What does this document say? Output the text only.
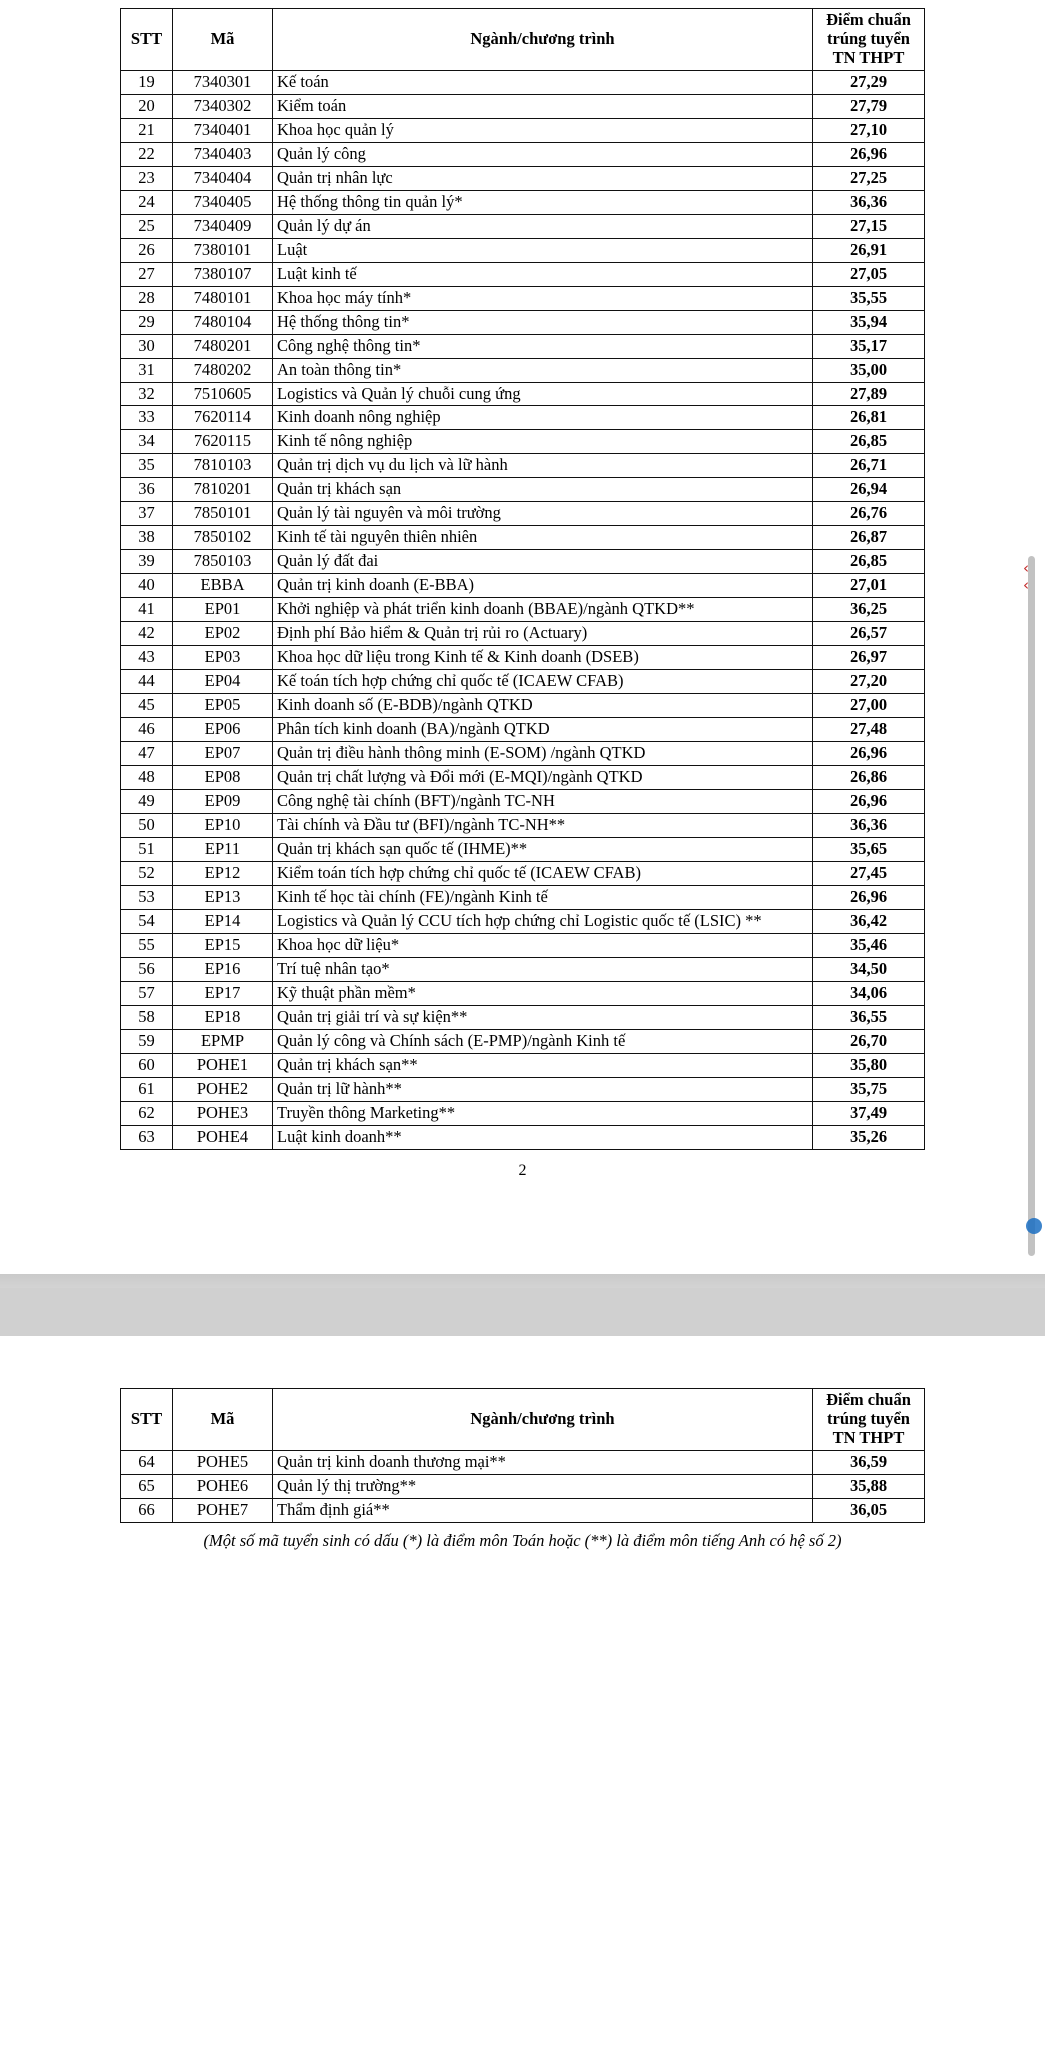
STT	Mã	Ngành/chương trình	Điểm chuẩn trúng tuyển TN THPT
19	7340301	Kế toán	27,29
20	7340302	Kiểm toán	27,79
21	7340401	Khoa học quản lý	27,10
22	7340403	Quản lý công	26,96
23	7340404	Quản trị nhân lực	27,25
24	7340405	Hệ thống thông tin quản lý*	36,36
25	7340409	Quản lý dự án	27,15
26	7380101	Luật	26,91
27	7380107	Luật kinh tế	27,05
28	7480101	Khoa học máy tính*	35,55
29	7480104	Hệ thống thông tin*	35,94
30	7480201	Công nghệ thông tin*	35,17
31	7480202	An toàn thông tin*	35,00
32	7510605	Logistics và Quản lý chuỗi cung ứng	27,89
33	7620114	Kinh doanh nông nghiệp	26,81
34	7620115	Kinh tế nông nghiệp	26,85
35	7810103	Quản trị dịch vụ du lịch và lữ hành	26,71
36	7810201	Quản trị khách sạn	26,94
37	7850101	Quản lý tài nguyên và môi trường	26,76
38	7850102	Kinh tế tài nguyên thiên nhiên	26,87
39	7850103	Quản lý đất đai	26,85
40	EBBA	Quản trị kinh doanh (E-BBA)	27,01
41	EP01	Khởi nghiệp và phát triển kinh doanh (BBAE)/ngành QTKD**	36,25
42	EP02	Định phí Bảo hiểm & Quản trị rủi ro (Actuary)	26,57
43	EP03	Khoa học dữ liệu trong Kinh tế & Kinh doanh (DSEB)	26,97
44	EP04	Kế toán tích hợp chứng chỉ quốc tế (ICAEW CFAB)	27,20
45	EP05	Kinh doanh số (E-BDB)/ngành QTKD	27,00
46	EP06	Phân tích kinh doanh (BA)/ngành QTKD	27,48
47	EP07	Quản trị điều hành thông minh (E-SOM) /ngành QTKD	26,96
48	EP08	Quản trị chất lượng và Đổi mới (E-MQI)/ngành QTKD	26,86
49	EP09	Công nghệ tài chính (BFT)/ngành TC-NH	26,96
50	EP10	Tài chính và Đầu tư (BFI)/ngành TC-NH**	36,36
51	EP11	Quản trị khách sạn quốc tế (IHME)**	35,65
52	EP12	Kiểm toán tích hợp chứng chỉ quốc tế (ICAEW CFAB)	27,45
53	EP13	Kinh tế học tài chính (FE)/ngành Kinh tế	26,96
54	EP14	Logistics và Quản lý CCU tích hợp chứng chỉ Logistic quốc tế (LSIC) **	36,42
55	EP15	Khoa học dữ liệu*	35,46
56	EP16	Trí tuệ nhân tạo*	34,50
57	EP17	Kỹ thuật phần mềm*	34,06
58	EP18	Quản trị giải trí và sự kiện**	36,55
59	EPMP	Quản lý công và Chính sách (E-PMP)/ngành Kinh tế	26,70
60	POHE1	Quản trị khách sạn**	35,80
61	POHE2	Quản trị lữ hành**	35,75
62	POHE3	Truyền thông Marketing**	37,49
63	POHE4	Luật kinh doanh**	35,26
2
‹
‹
STT	Mã	Ngành/chương trình	Điểm chuẩn trúng tuyển TN THPT
64	POHE5	Quản trị kinh doanh thương mại**	36,59
65	POHE6	Quản lý thị trường**	35,88
66	POHE7	Thẩm định giá**	36,05
(Một số mã tuyển sinh có dấu (*) là điểm môn Toán hoặc (**) là điểm môn tiếng Anh có hệ số 2)
